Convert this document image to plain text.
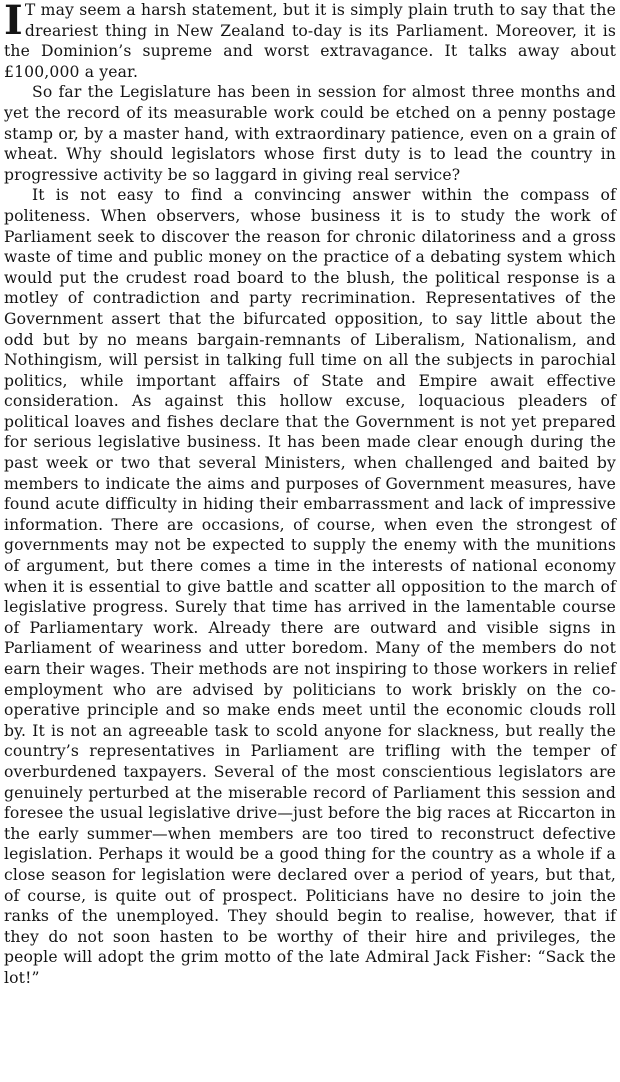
I T may seem a harsh statement, but it is simply plain truth to say that the dreariest thing in New Zealand to-day is its Parliament. Moreover, it is the Dominion’s supreme and worst extravagance. It talks away about £100,000 a year.

So far the Legislature has been in session for almost three months and yet the record of its measurable work could be etched on a penny postage stamp or, by a master hand, with extraordinary patience, even on a grain of wheat. Why should legislators whose first duty is to lead the country in progressive activity be so laggard in giving real service?

It is not easy to find a convincing answer within the compass of politeness. When observers, whose business it is to study the work of Parliament seek to discover the reason for chronic dilatoriness and a gross waste of time and public money on the practice of a debating system which would put the crudest road board to the blush, the political response is a motley of contradiction and party recrimination. Representatives of the Government assert that the bifurcated opposition, to say little about the odd but by no means bargain-remnants of Liberalism, Nationalism, and Nothingism, will persist in talking full time on all the subjects in parochial politics, while important affairs of State and Empire await effective consideration. As against this hollow excuse, loquacious pleaders of political loaves and fishes declare that the Government is not yet prepared for serious legislative business. It has been made clear enough during the past week or two that several Ministers, when challenged and baited by members to indicate the aims and purposes of Government measures, have found acute difficulty in hiding their embarrassment and lack of impressive information. There are occasions, of course, when even the strongest of governments may not be expected to supply the enemy with the munitions of argument, but there comes a time in the interests of national economy when it is essential to give battle and scatter all opposition to the march of legislative progress. Surely that time has arrived in the lamentable course of Parliamentary work. Already there are outward and visible signs in Parliament of weariness and utter boredom. Many of the members do not earn their wages. Their methods are not inspiring to those workers in relief employment who are advised by politicians to work briskly on the co-operative principle and so make ends meet until the economic clouds roll by. It is not an agreeable task to scold anyone for slackness, but really the country’s representatives in Parliament are trifling with the temper of overburdened taxpayers. Several of the most conscientious legislators are genuinely perturbed at the miserable record of Parliament this session and foresee the usual legislative drive—just before the big races at Riccarton in the early summer—when members are too tired to reconstruct defective legislation. Perhaps it would be a good thing for the country as a whole if a close season for legislation were declared over a period of years, but that, of course, is quite out of prospect. Politicians have no desire to join the ranks of the unemployed. They should begin to realise, however, that if they do not soon hasten to be worthy of their hire and privileges, the people will adopt the grim motto of the late Admiral Jack Fisher: “Sack the lot!”
